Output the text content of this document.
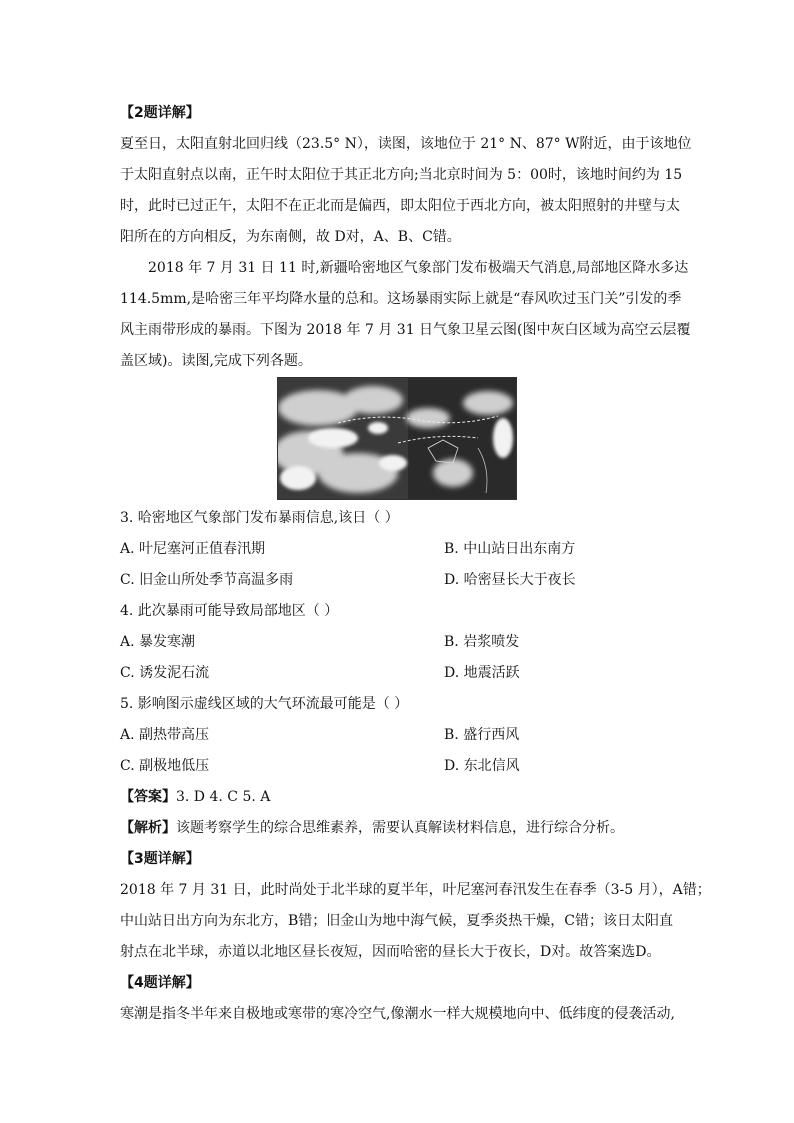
【2题详解】
夏至日，太阳直射北回归线（23.5° N），读图，该地位于 21° N、87° W附近，由于该地位
于太阳直射点以南，正午时太阳位于其正北方向;当北京时间为 5：00时，该地时间约为 15
时，此时已过正午，太阳不在正北而是偏西，即太阳位于西北方向，被太阳照射的井壁与太
阳所在的方向相反，为东南侧，故 D对，A、B、C错。
2018 年 7 月 31 日 11 时,新疆哈密地区气象部门发布极端天气消息,局部地区降水多达
114.5mm,是哈密三年平均降水量的总和。这场暴雨实际上就是“春风吹过玉门关”引发的季
风主雨带形成的暴雨。下图为 2018 年 7 月 31 日气象卫星云图(图中灰白区域为高空云层覆
盖区域)。读图,完成下列各题。
3. 哈密地区气象部门发布暴雨信息,该日（ ）
A. 叶尼塞河正值春汛期	B. 中山站日出东南方
C. 旧金山所处季节高温多雨	D. 哈密昼长大于夜长
4. 此次暴雨可能导致局部地区（ ）
A. 暴发寒潮	B. 岩浆喷发
C. 诱发泥石流	D. 地震活跃
5. 影响图示虚线区域的大气环流最可能是（ ）
A. 副热带高压	B. 盛行西风
C. 副极地低压	D. 东北信风
【答案】3. D 4. C 5. A
【解析】该题考察学生的综合思维素养，需要认真解读材料信息，进行综合分析。
【3题详解】
2018 年 7 月 31 日，此时尚处于北半球的夏半年，叶尼塞河春汛发生在春季（3-5 月），A错；
中山站日出方向为东北方，B错；旧金山为地中海气候，夏季炎热干燥，C错；该日太阳直
射点在北半球，赤道以北地区昼长夜短，因而哈密的昼长大于夜长，D对。故答案选D。
【4题详解】
寒潮是指冬半年来自极地或寒带的寒冷空气,像潮水一样大规模地向中、低纬度的侵袭活动,
